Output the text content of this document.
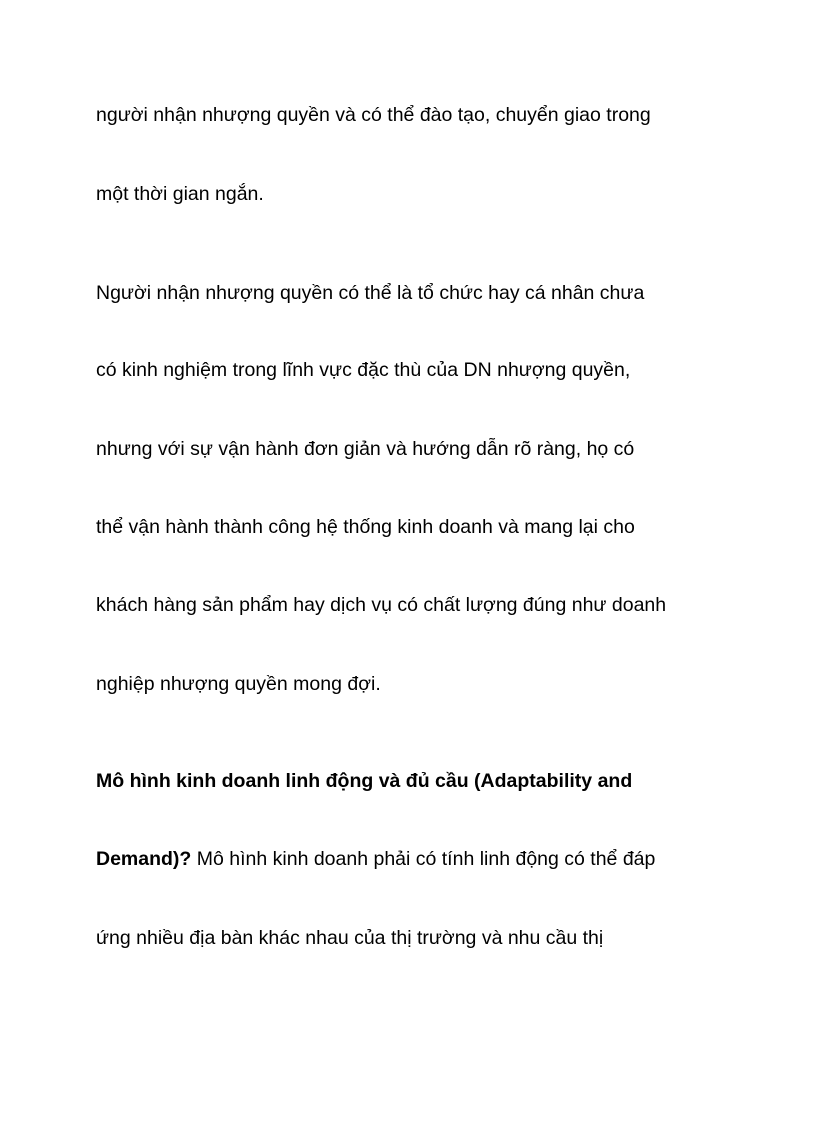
người nhận nhượng quyền và có thể đào tạo, chuyển giao trong
một thời gian ngắn.
Người nhận nhượng quyền có thể là tổ chức hay cá nhân chưa
có kinh nghiệm trong lĩnh vực đặc thù của DN nhượng quyền,
nhưng với sự vận hành đơn giản và hướng dẫn rõ ràng, họ có
thể vận hành thành công hệ thống kinh doanh và mang lại cho
khách hàng sản phẩm hay dịch vụ có chất lượng đúng như doanh
nghiệp nhượng quyền mong đợi.
Mô hình kinh doanh linh động và đủ cầu (Adaptability and
Demand)? Mô hình kinh doanh phải có tính linh động có thể đáp
ứng nhiều địa bàn khác nhau của thị trường và nhu cầu thị
